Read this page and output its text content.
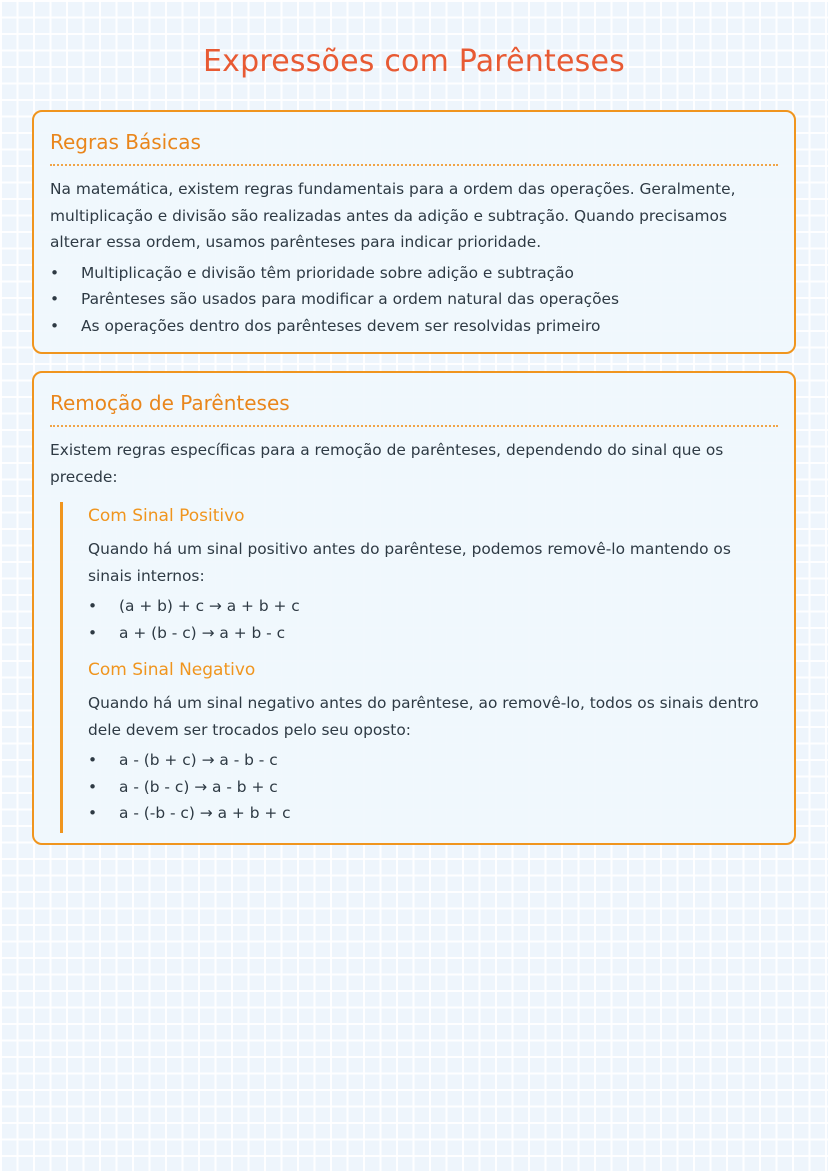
Expressões com Parênteses
Regras Básicas

Na matemática, existem regras fundamentais para a ordem das operações. Geralmente, multiplicação e divisão são realizadas antes da adição e subtração. Quando precisamos alterar essa ordem, usamos parênteses para indicar prioridade.

•	Multiplicação e divisão têm prioridade sobre adição e subtração
•	Parênteses são usados para modificar a ordem natural das operações
•	As operações dentro dos parênteses devem ser resolvidas primeiro
Remoção de Parênteses

Existem regras específicas para a remoção de parênteses, dependendo do sinal que os precede:

Com Sinal Positivo

Quando há um sinal positivo antes do parêntese, podemos removê-lo mantendo os sinais internos:

•	(a + b) + c → a + b + c
•	a + (b - c) → a + b - c
Com Sinal Negativo

Quando há um sinal negativo antes do parêntese, ao removê-lo, todos os sinais dentro dele devem ser trocados pelo seu oposto:

•	a - (b + c) → a - b - c
•	a - (b - c) → a - b + c
•	a - (-b - c) → a + b + c
